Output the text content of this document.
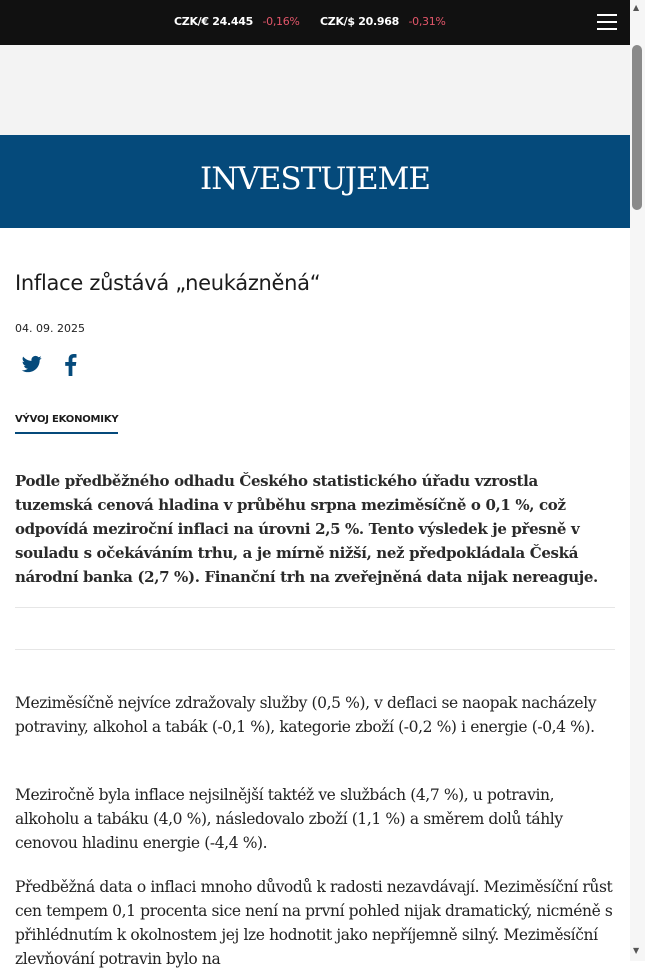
CZK/€ 24.445 -0,16% CZK/$ 20.968 -0,31%
INVESTUJEME
Inflace zůstává „neukázněná“
04. 09. 2025
VÝVOJ EKONOMIKY

Podle předběžného odhadu Českého statistického úřadu vzrostla tuzemská cenová hladina v průběhu srpna meziměsíčně o 0,1 %, což odpovídá meziroční inflaci na úrovni 2,5 %. Tento výsledek je přesně v souladu s očekáváním trhu, a je mírně nižší, než předpokládala Česká národní banka (2,7 %). Finanční trh na zveřejněná data nijak nereaguje.

Meziměsíčně nejvíce zdražovaly služby (0,5 %), v deflaci se naopak nacházely potraviny, alkohol a tabák (-0,1 %), kategorie zboží (-0,2 %) i energie (-0,4 %).

Meziročně byla inflace nejsilnější taktéž ve službách (4,7 %), u potravin, alkoholu a tabáku (4,0 %), následovalo zboží (1,1 %) a směrem dolů táhly cenovou hladinu energie (-4,4 %).

Předběžná data o inflaci mnoho důvodů k radosti nezavdávají. Meziměsíční růst cen tempem 0,1 procenta sice není na první pohled nijak dramatický, nicméně s přihlédnutím k okolnostem jej lze hodnotit jako nepříjemně silný. Meziměsíční zlevňování potravin bylo na

▲
▼
